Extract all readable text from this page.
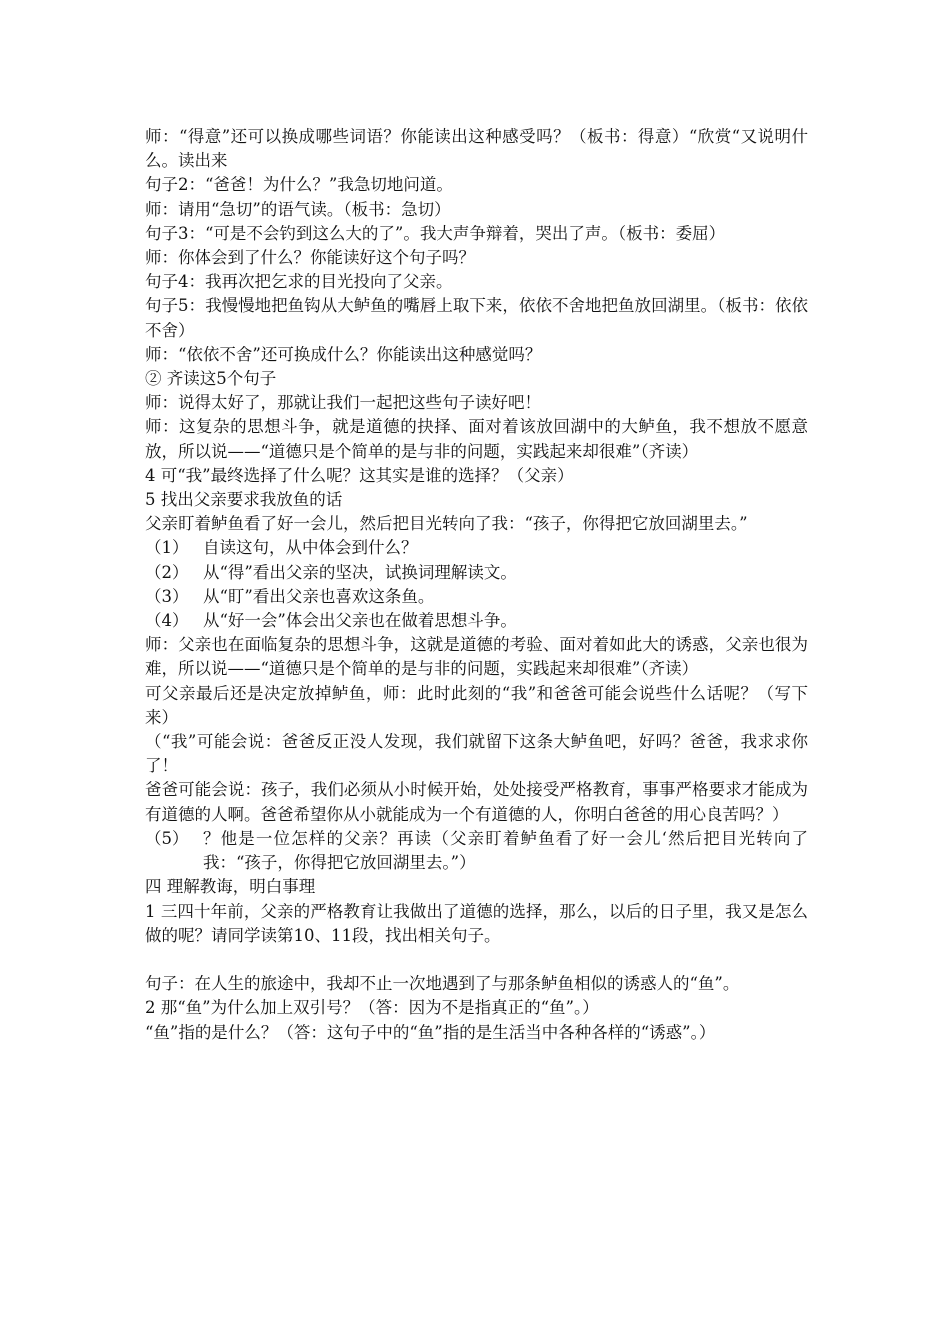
师：“得意”还可以换成哪些词语？你能读出这种感受吗？（板书：得意）“欣赏“又说明什么。读出来

句子2：“爸爸！为什么？”我急切地问道。

师：请用“急切”的语气读。（板书：急切）

句子3：“可是不会钓到这么大的了”。我大声争辩着，哭出了声。（板书：委屈）

师：你体会到了什么？你能读好这个句子吗？

句子4：我再次把乞求的目光投向了父亲。

句子5：我慢慢地把鱼钩从大鲈鱼的嘴唇上取下来，依依不舍地把鱼放回湖里。（板书：依依不舍）

师：“依依不舍”还可换成什么？你能读出这种感觉吗？

② 齐读这5个句子

师：说得太好了，那就让我们一起把这些句子读好吧！

师：这复杂的思想斗争，就是道德的抉择、面对着该放回湖中的大鲈鱼，我不想放不愿意放，所以说——“道德只是个简单的是与非的问题，实践起来却很难”（齐读）

4 可“我”最终选择了什么呢？这其实是谁的选择？（父亲）

5 找出父亲要求我放鱼的话

父亲盯着鲈鱼看了好一会儿，然后把目光转向了我：“孩子，你得把它放回湖里去。”

（1） 自读这句，从中体会到什么？
（2） 从“得”看出父亲的坚决，试换词理解读文。
（3） 从“盯”看出父亲也喜欢这条鱼。
（4） 从“好一会”体会出父亲也在做着思想斗争。

师：父亲也在面临复杂的思想斗争，这就是道德的考验、面对着如此大的诱惑，父亲也很为难，所以说——“道德只是个简单的是与非的问题，实践起来却很难”（齐读）

可父亲最后还是决定放掉鲈鱼，师：此时此刻的“我”和爸爸可能会说些什么话呢？（写下来）

（“我”可能会说：爸爸反正没人发现，我们就留下这条大鲈鱼吧，好吗？爸爸，我求求你了！

爸爸可能会说：孩子，我们必须从小时候开始，处处接受严格教育，事事严格要求才能成为有道德的人啊。爸爸希望你从小就能成为一个有道德的人，你明白爸爸的用心良苦吗？）

（5） ？他是一位怎样的父亲？再读（父亲盯着鲈鱼看了好一会儿‘然后把目光转向了我：“孩子，你得把它放回湖里去。”）

四 理解教诲，明白事理

1 三四十年前，父亲的严格教育让我做出了道德的选择，那么，以后的日子里，我又是怎么做的呢？请同学读第10、11段，找出相关句子。

句子：在人生的旅途中，我却不止一次地遇到了与那条鲈鱼相似的诱惑人的“鱼”。

2 那“鱼”为什么加上双引号？（答：因为不是指真正的“鱼”。）

“鱼”指的是什么？（答：这句子中的“鱼”指的是生活当中各种各样的“诱惑”。）
